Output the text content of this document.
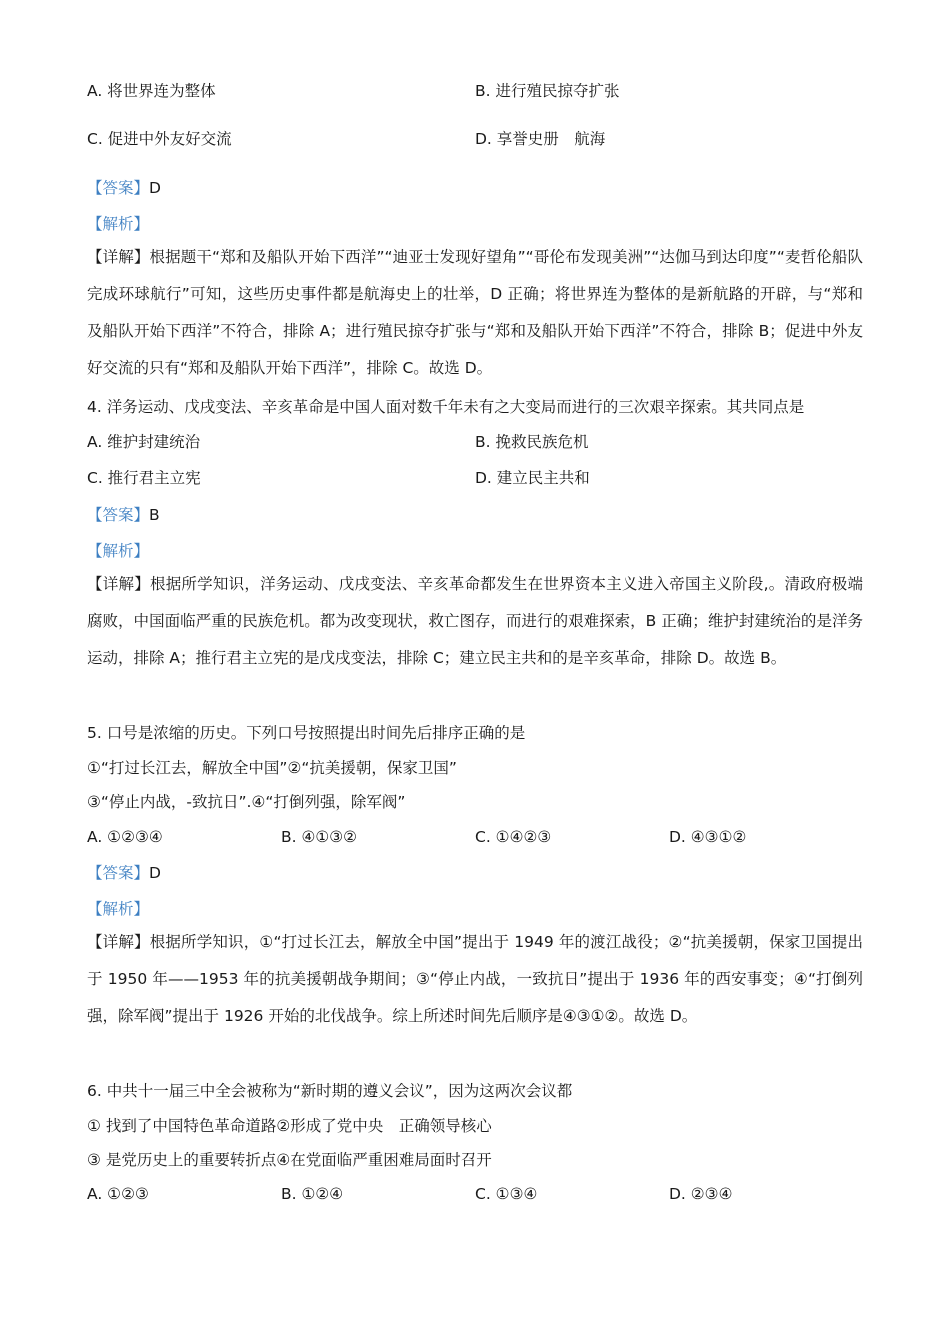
A. 将世界连为整体	B. 进行殖民掠夺扩张
C. 促进中外友好交流	D. 享誉史册　航海
【答案】D
【解析】
【详解】根据题干“郑和及船队开始下西洋”“迪亚士发现好望角”“哥伦布发现美洲”“达伽马到达印度”“麦哲伦船队完成环球航行”可知，这些历史事件都是航海史上的壮举，D 正确；将世界连为整体的是新航路的开辟，与“郑和及船队开始下西洋”不符合，排除 A；进行殖民掠夺扩张与“郑和及船队开始下西洋”不符合，排除 B；促进中外友好交流的只有“郑和及船队开始下西洋”，排除 C。故选 D。
4. 洋务运动、戊戌变法、辛亥革命是中国人面对数千年未有之大变局而进行的三次艰辛探索。其共同点是
A. 维护封建统治	B. 挽救民族危机
C. 推行君主立宪	D. 建立民主共和
【答案】B
【解析】
【详解】根据所学知识，洋务运动、戊戌变法、辛亥革命都发生在世界资本主义进入帝国主义阶段,。清政府极端腐败，中国面临严重的民族危机。都为改变现状，救亡图存，而进行的艰难探索，B 正确；维护封建统治的是洋务运动，排除 A；推行君主立宪的是戊戌变法，排除 C；建立民主共和的是辛亥革命，排除 D。故选 B。
5. 口号是浓缩的历史。下列口号按照提出时间先后排序正确的是
①“打过长江去，解放全中国”②“抗美援朝，保家卫国”
③“停止内战，-致抗日”.④“打倒列强，除军阀”
A. ①②③④	B. ④①③②	C. ①④②③	D. ④③①②
【答案】D
【解析】
【详解】根据所学知识，①“打过长江去，解放全中国”提出于 1949 年的渡江战役；②“抗美援朝，保家卫国提出于 1950 年——1953 年的抗美援朝战争期间；③“停止内战，一致抗日”提出于 1936 年的西安事变；④“打倒列强，除军阀”提出于 1926 开始的北伐战争。综上所述时间先后顺序是④③①②。故选 D。
6. 中共十一届三中全会被称为“新时期的遵义会议”，因为这两次会议都
① 找到了中国特色革命道路②形成了党中央　正确领导核心
③ 是党历史上的重要转折点④在党面临严重困难局面时召开
A. ①②③	B. ①②④	C. ①③④	D. ②③④
